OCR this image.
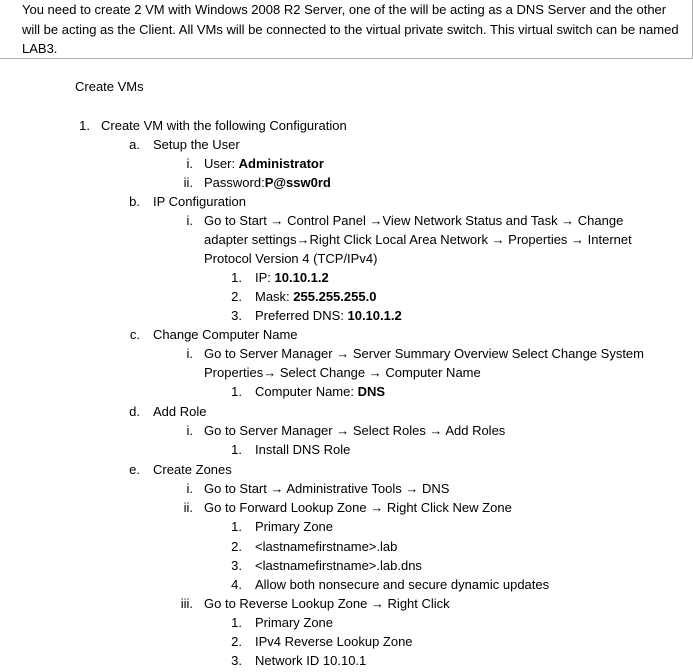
You need to create 2 VM with Windows 2008 R2 Server, one of the will be acting as a DNS Server and the other will be acting as the Client. All VMs will be connected to the virtual private switch. This virtual switch can be named LAB3.

Create VMs
1. Create VM with the following Configuration
a. Setup the User
i. User: Administrator
ii. Password:P@ssw0rd
b. IP Configuration
i. Go to Start → Control Panel →View Network Status and Task → Change
adapter settings→Right Click Local Area Network → Properties → Internet
Protocol Version 4 (TCP/IPv4)
1. IP: 10.10.1.2
2. Mask: 255.255.255.0
3. Preferred DNS: 10.10.1.2
c. Change Computer Name
i. Go to Server Manager → Server Summary Overview Select Change System
Properties→ Select Change → Computer Name
1. Computer Name: DNS
d. Add Role
i. Go to Server Manager → Select Roles → Add Roles
1. Install DNS Role
e. Create Zones
i. Go to Start → Administrative Tools → DNS
ii. Go to Forward Lookup Zone → Right Click New Zone
1. Primary Zone
2. <lastnamefirstname>.lab
3. <lastnamefirstname>.lab.dns
4. Allow both nonsecure and secure dynamic updates
iii. Go to Reverse Lookup Zone → Right Click
1. Primary Zone
2. IPv4 Reverse Lookup Zone
3. Network ID 10.10.1
